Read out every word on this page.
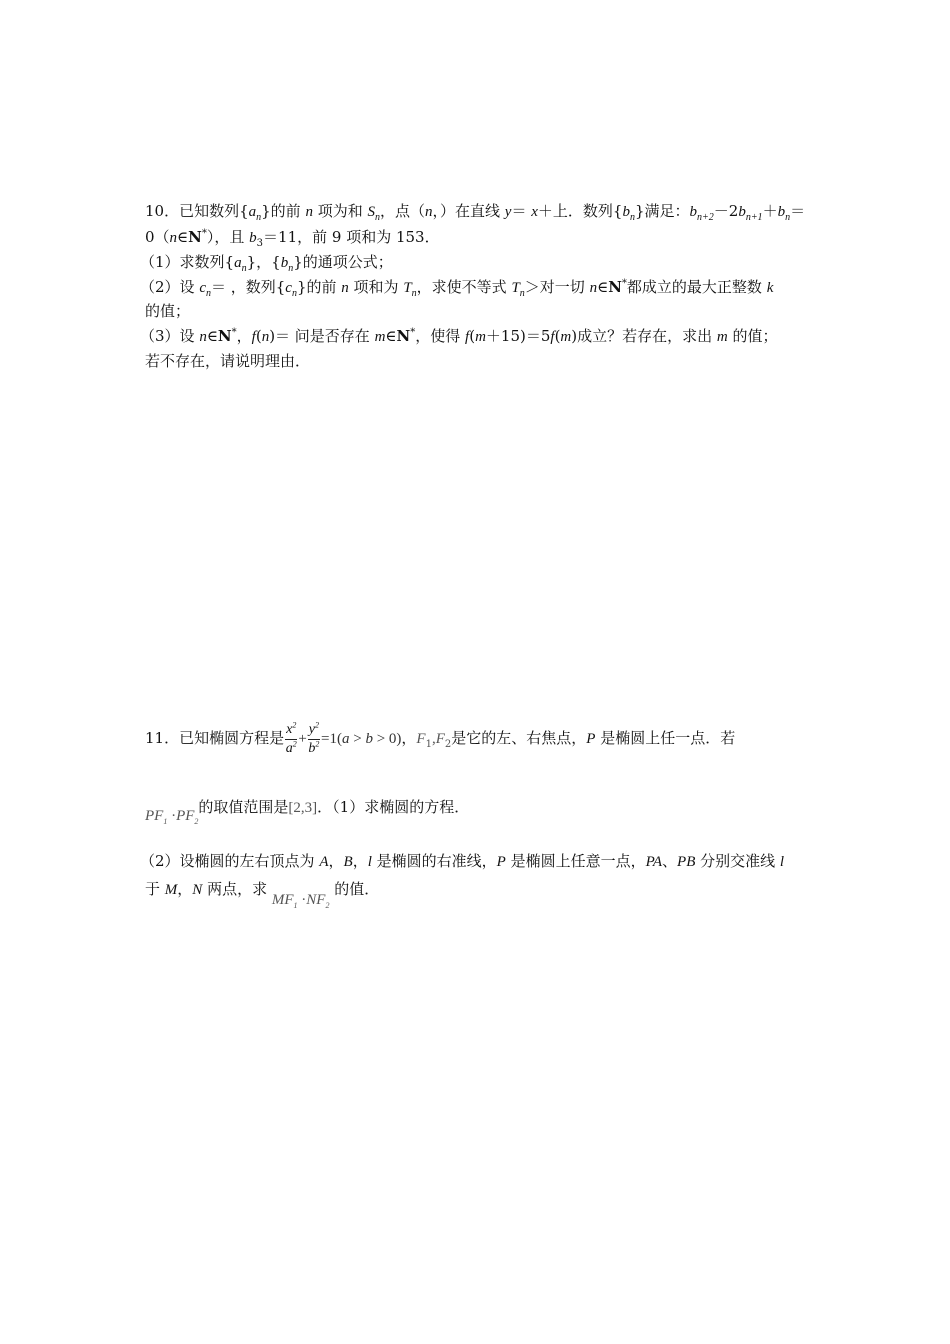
10．已知数列$\{a_n\}$的前 n 项为和 $S_n$，点（n，）在直线 y＝ x＋上．数列$\{b_n\}$满足：$b_{n+2}-2b_{n+1}+b_n=$
0（n∈N*），且 $b_3=11$，前 9 项和为 153．
（1）求数列$\{a_n\}$，$\{b_n\}$的通项公式；
（2）设 $c_n=$ ，数列$\{c_n\}$的前 n 项和为 $T_n$，求使不等式 $T_n>$对一切 n∈N*都成立的最大正整数 k
的值；
（3）设 n∈N*，f(n)＝ 问是否存在 m∈N*，使得 f(m＋15)＝5f(m)成立？若存在，求出 m 的值；
若不存在，请说明理由．
11．已知椭圆方程是 $\frac{x^2}{a^2} + \frac{y^2}{b^2} =1(a > b > 0)$，$F_1,F_2$是它的左、右焦点，P 是椭圆上任一点．若
$PF_1 \cdot PF_2$的取值范围是[2,3]．（1）求椭圆的方程．
（2）设椭圆的左右顶点为 A，B，l 是椭圆的右准线，P 是椭圆上任意一点，PA、PB 分别交准线 l
于 M，N 两点，求 $MF_1 \cdot NF_2$ 的值．
